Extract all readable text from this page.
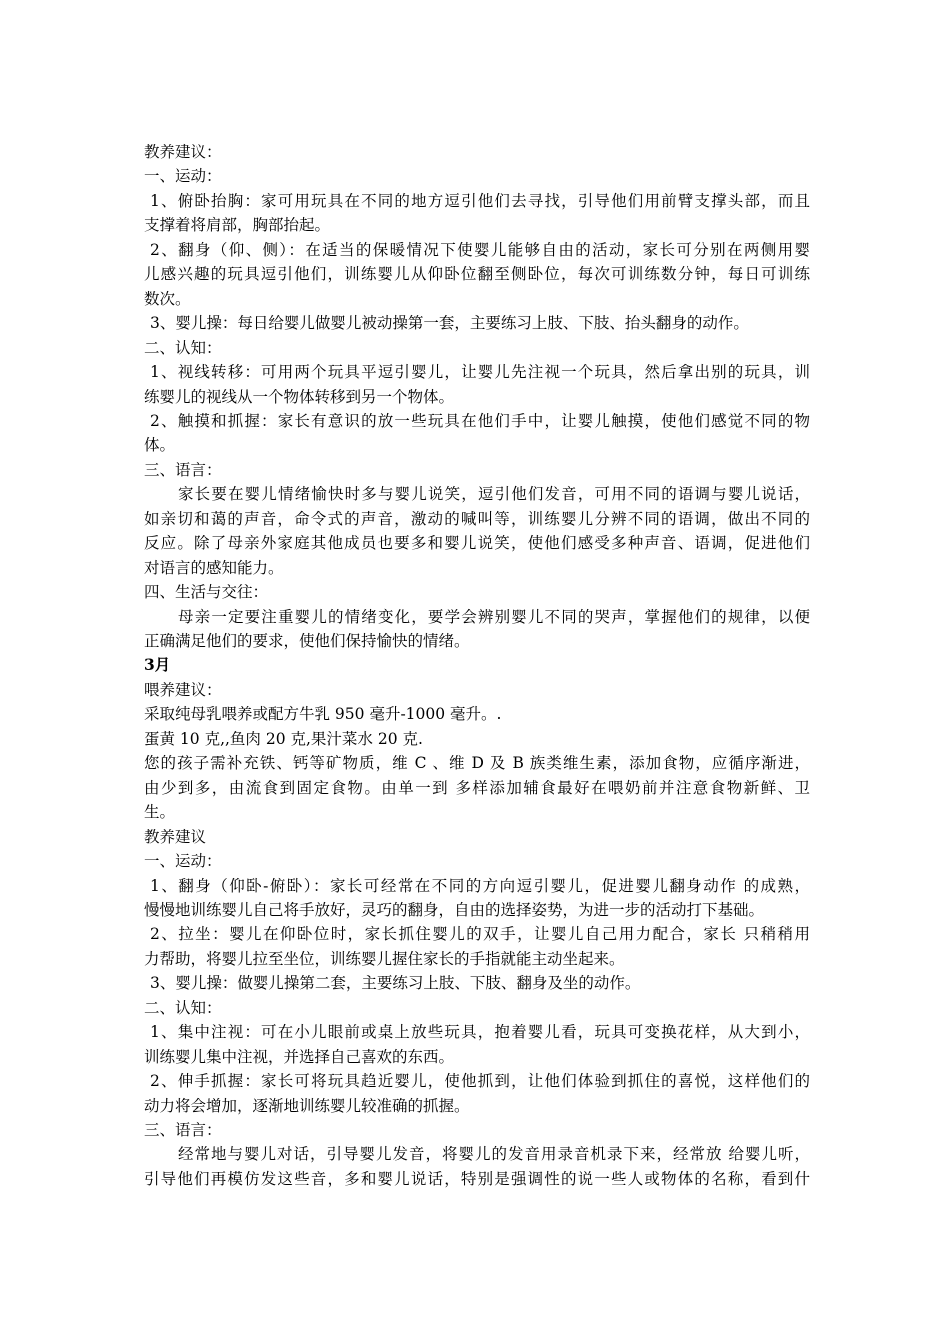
教养建议：
一、运动：
1、俯卧抬胸：家可用玩具在不同的地方逗引他们去寻找，引导他们用前臂支撑头部，而且
支撑着将肩部，胸部抬起。
2、翻身（仰、侧）：在适当的保暖情况下使婴儿能够自由的活动，家长可分别在两侧用婴
儿感兴趣的玩具逗引他们，训练婴儿从仰卧位翻至侧卧位，每次可训练数分钟，每日可训练
数次。
3、婴儿操：每日给婴儿做婴儿被动操第一套，主要练习上肢、下肢、抬头翻身的动作。
二、认知：
1、视线转移：可用两个玩具平逗引婴儿，让婴儿先注视一个玩具，然后拿出别的玩具，训
练婴儿的视线从一个物体转移到另一个物体。
2、触摸和抓握：家长有意识的放一些玩具在他们手中，让婴儿触摸，使他们感觉不同的物
体。
三、语言：
家长要在婴儿情绪愉快时多与婴儿说笑，逗引他们发音，可用不同的语调与婴儿说话，
如亲切和蔼的声音，命令式的声音，激动的喊叫等，训练婴儿分辨不同的语调，做出不同的
反应。除了母亲外家庭其他成员也要多和婴儿说笑，使他们感受多种声音、语调，促进他们
对语言的感知能力。
四、生活与交往：
母亲一定要注重婴儿的情绪变化，要学会辨别婴儿不同的哭声，掌握他们的规律，以便
正确满足他们的要求，使他们保持愉快的情绪。
3月
喂养建议：
采取纯母乳喂养或配方牛乳 950 毫升-1000 毫升。.
蛋黄 10 克,,鱼肉 20 克,果汁菜水 20 克.
您的孩子需补充铁、钙等矿物质，维 C 、维 D 及 B 族类维生素，添加食物，应循序渐进，
由少到多，由流食到固定食物。由单一到 多样添加辅食最好在喂奶前并注意食物新鲜、卫
生。
教养建议
一、运动：
1、翻身（仰卧-俯卧）：家长可经常在不同的方向逗引婴儿，促进婴儿翻身动作 的成熟，
慢慢地训练婴儿自己将手放好，灵巧的翻身，自由的选择姿势，为进一步的活动打下基础。
2、拉坐：婴儿在仰卧位时，家长抓住婴儿的双手，让婴儿自己用力配合，家长 只稍稍用
力帮助，将婴儿拉至坐位，训练婴儿握住家长的手指就能主动坐起来。
3、婴儿操：做婴儿操第二套，主要练习上肢、下肢、翻身及坐的动作。
二、认知：
1、集中注视：可在小儿眼前或桌上放些玩具，抱着婴儿看，玩具可变换花样，从大到小，
训练婴儿集中注视，并选择自己喜欢的东西。
2、伸手抓握：家长可将玩具趋近婴儿，使他抓到，让他们体验到抓住的喜悦，这样他们的
动力将会增加，逐渐地训练婴儿较准确的抓握。
三、语言：
经常地与婴儿对话，引导婴儿发音，将婴儿的发音用录音机录下来，经常放 给婴儿听，
引导他们再模仿发这些音，多和婴儿说话，特别是强调性的说一些人或物体的名称，看到什
